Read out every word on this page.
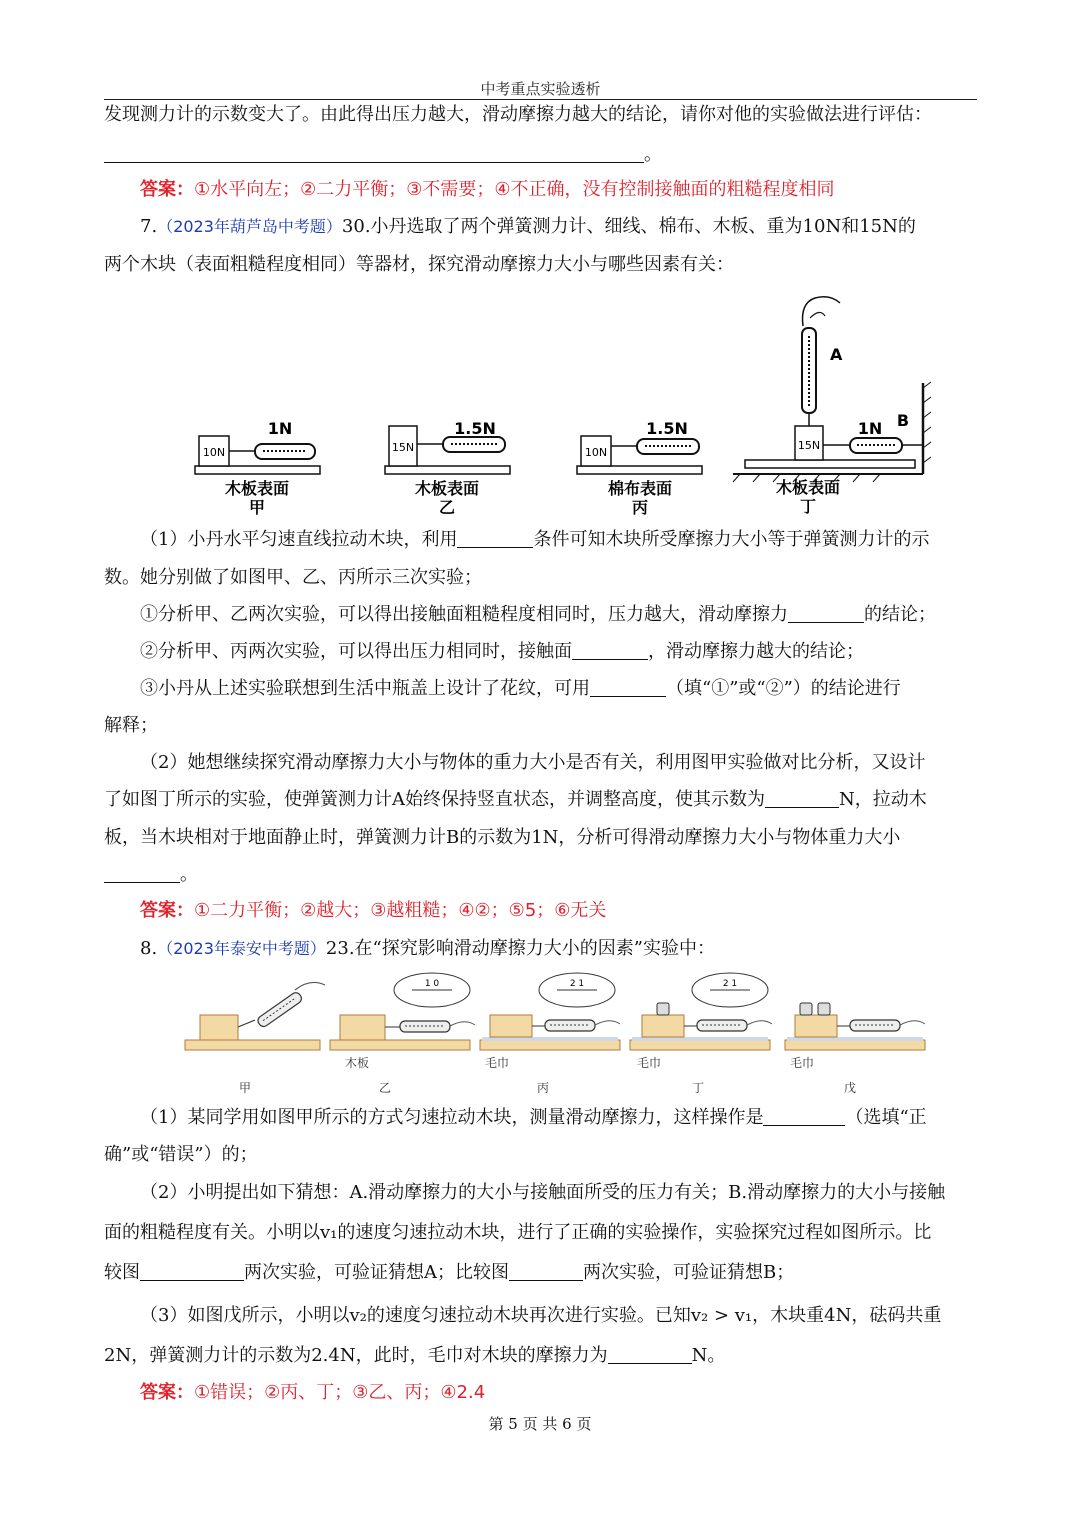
中考重点实验透析
发现测力计的示数变大了。由此得出压力越大，滑动摩擦力越大的结论，请你对他的实验做法进行评估：
。
答案：①水平向左；②二力平衡；③不需要；④不正确，没有控制接触面的粗糙程度相同
7.（2023年葫芦岛中考题）30.小丹选取了两个弹簧测力计、细线、棉布、木板、重为10N和15N的
两个木块（表面粗糙程度相同）等器材，探究滑动摩擦力大小与哪些因素有关：
10N
1N
木板表面
甲
15N
1.5N
木板表面
乙
10N
1.5N
棉布表面
丙
15N
A
1N B
木板表面
丁
（1）小丹水平匀速直线拉动木块，利用	条件可知木块所受摩擦力大小等于弹簧测力计的示
数。她分别做了如图甲、乙、丙所示三次实验；
①分析甲、乙两次实验，可以得出接触面粗糙程度相同时，压力越大，滑动摩擦力	的结论；
②分析甲、丙两次实验，可以得出压力相同时，接触面	，滑动摩擦力越大的结论；
③小丹从上述实验联想到生活中瓶盖上设计了花纹，可用	（填“①”或“②”）的结论进行
解释；
（2）她想继续探究滑动摩擦力大小与物体的重力大小是否有关，利用图甲实验做对比分析，又设计
了如图丁所示的实验，使弹簧测力计A始终保持竖直状态，并调整高度，使其示数为	N，拉动木
板，当木块相对于地面静止时，弹簧测力计B的示数为1N，分析可得滑动摩擦力大小与物体重力大小
。
答案：①二力平衡；②越大；③越粗糙；④②；⑤5；⑥无关
8.（2023年泰安中考题）23.在“探究影响滑动摩擦力大小的因素”实验中：
甲
1 0
木板
乙
2 1
毛巾
丙
2 1
毛巾
丁
毛巾
戊
（1）某同学用如图甲所示的方式匀速拉动木块，测量滑动摩擦力，这样操作是	（选填“正
确”或“错误”）的；
（2）小明提出如下猜想：A.滑动摩擦力的大小与接触面所受的压力有关；B.滑动摩擦力的大小与接触
面的粗糙程度有关。小明以v₁的速度匀速拉动木块，进行了正确的实验操作，实验探究过程如图所示。比
较图	两次实验，可验证猜想A；比较图	两次实验，可验证猜想B；
（3）如图戊所示，小明以v₂的速度匀速拉动木块再次进行实验。已知v₂ > v₁，木块重4N，砝码共重
2N，弹簧测力计的示数为2.4N，此时，毛巾对木块的摩擦力为	N。
答案：①错误；②丙、丁；③乙、丙；④2.4
第 5 页 共 6 页
